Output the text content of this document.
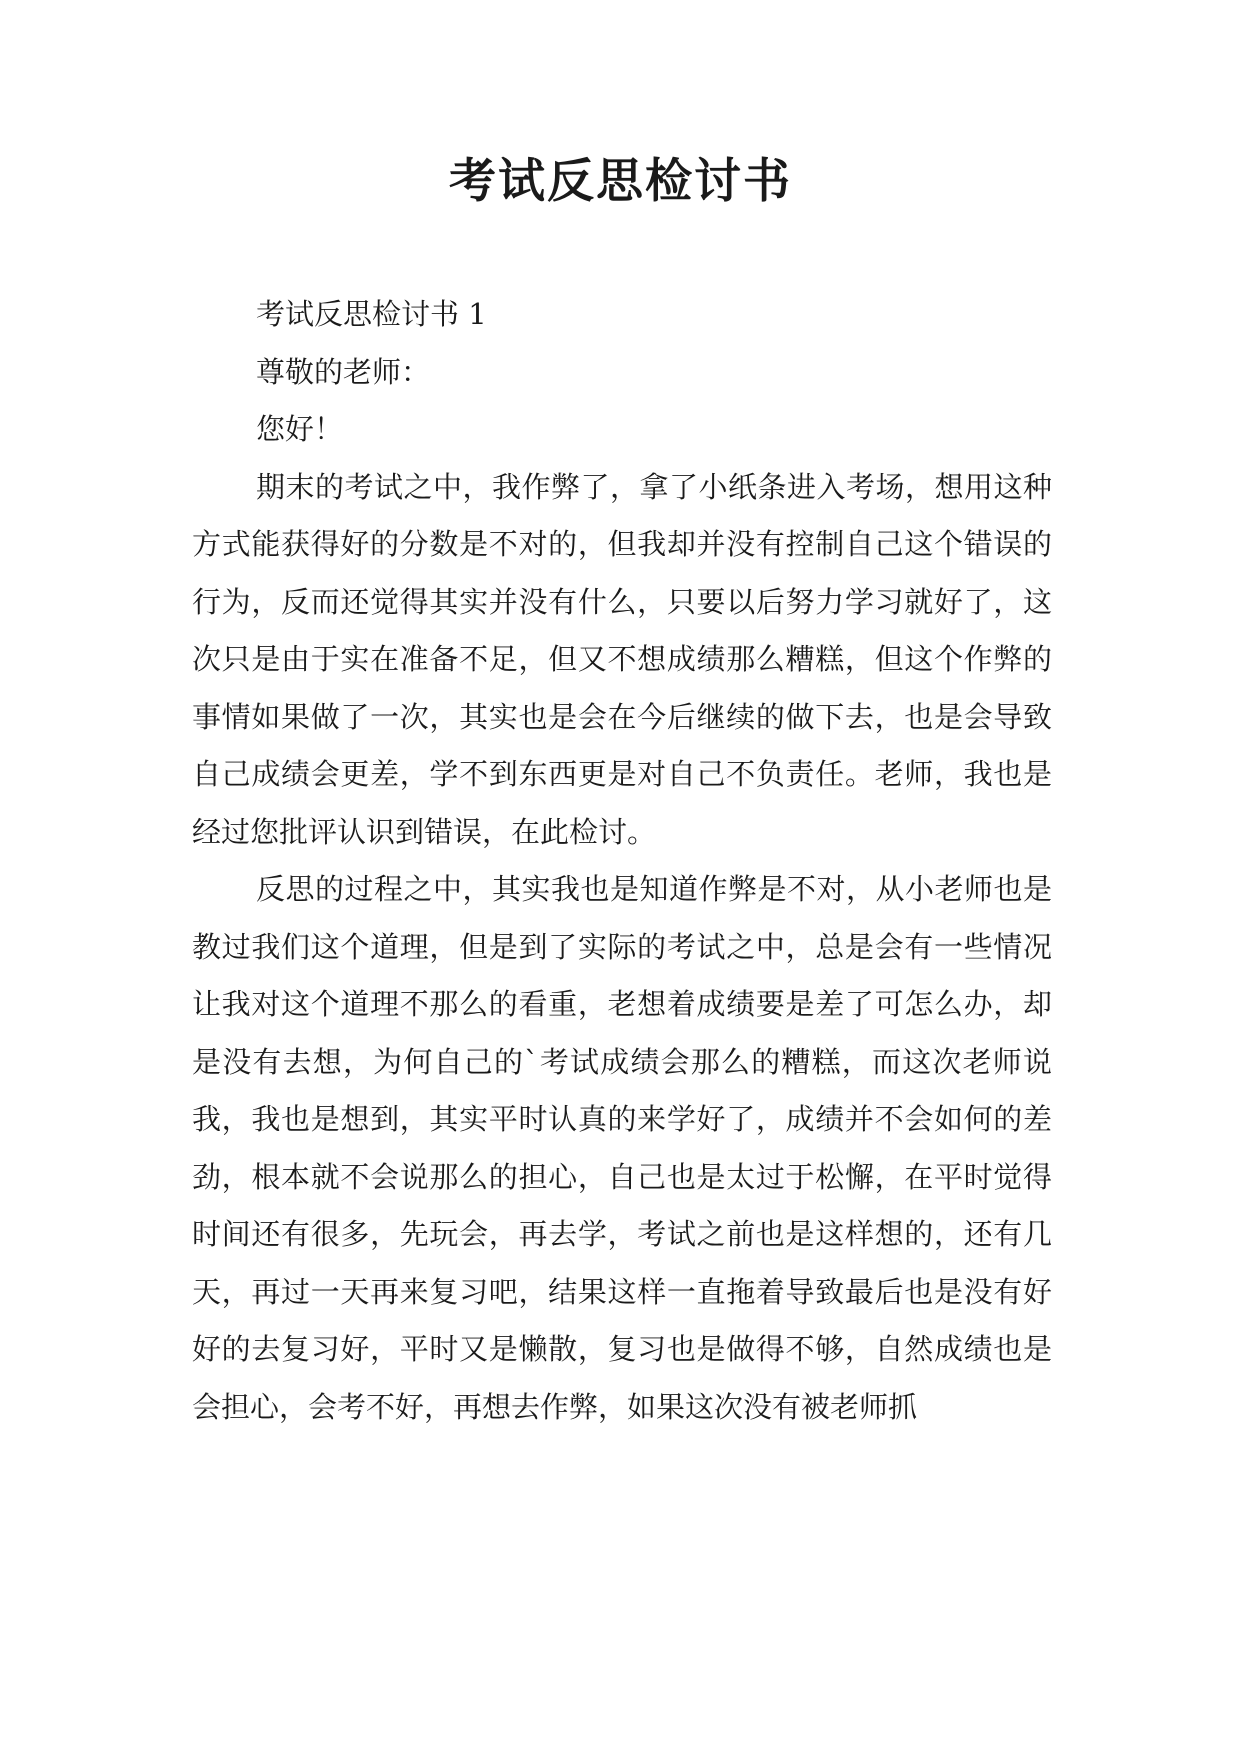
考试反思检讨书

考试反思检讨书 1

尊敬的老师：

您好！

期末的考试之中，我作弊了，拿了小纸条进入考场，想用这种方式能获得好的分数是不对的，但我却并没有控制自己这个错误的行为，反而还觉得其实并没有什么，只要以后努力学习就好了，这次只是由于实在准备不足，但又不想成绩那么糟糕，但这个作弊的事情如果做了一次，其实也是会在今后继续的做下去，也是会导致自己成绩会更差，学不到东西更是对自己不负责任。老师，我也是经过您批评认识到错误，在此检讨。

反思的过程之中，其实我也是知道作弊是不对，从小老师也是教过我们这个道理，但是到了实际的考试之中，总是会有一些情况让我对这个道理不那么的看重，老想着成绩要是差了可怎么办，却是没有去想，为何自己的`考试成绩会那么的糟糕，而这次老师说我，我也是想到，其实平时认真的来学好了，成绩并不会如何的差劲，根本就不会说那么的担心，自己也是太过于松懈，在平时觉得时间还有很多，先玩会，再去学，考试之前也是这样想的，还有几天，再过一天再来复习吧，结果这样一直拖着导致最后也是没有好好的去复习好，平时又是懒散，复习也是做得不够，自然成绩也是会担心，会考不好，再想去作弊，如果这次没有被老师抓
